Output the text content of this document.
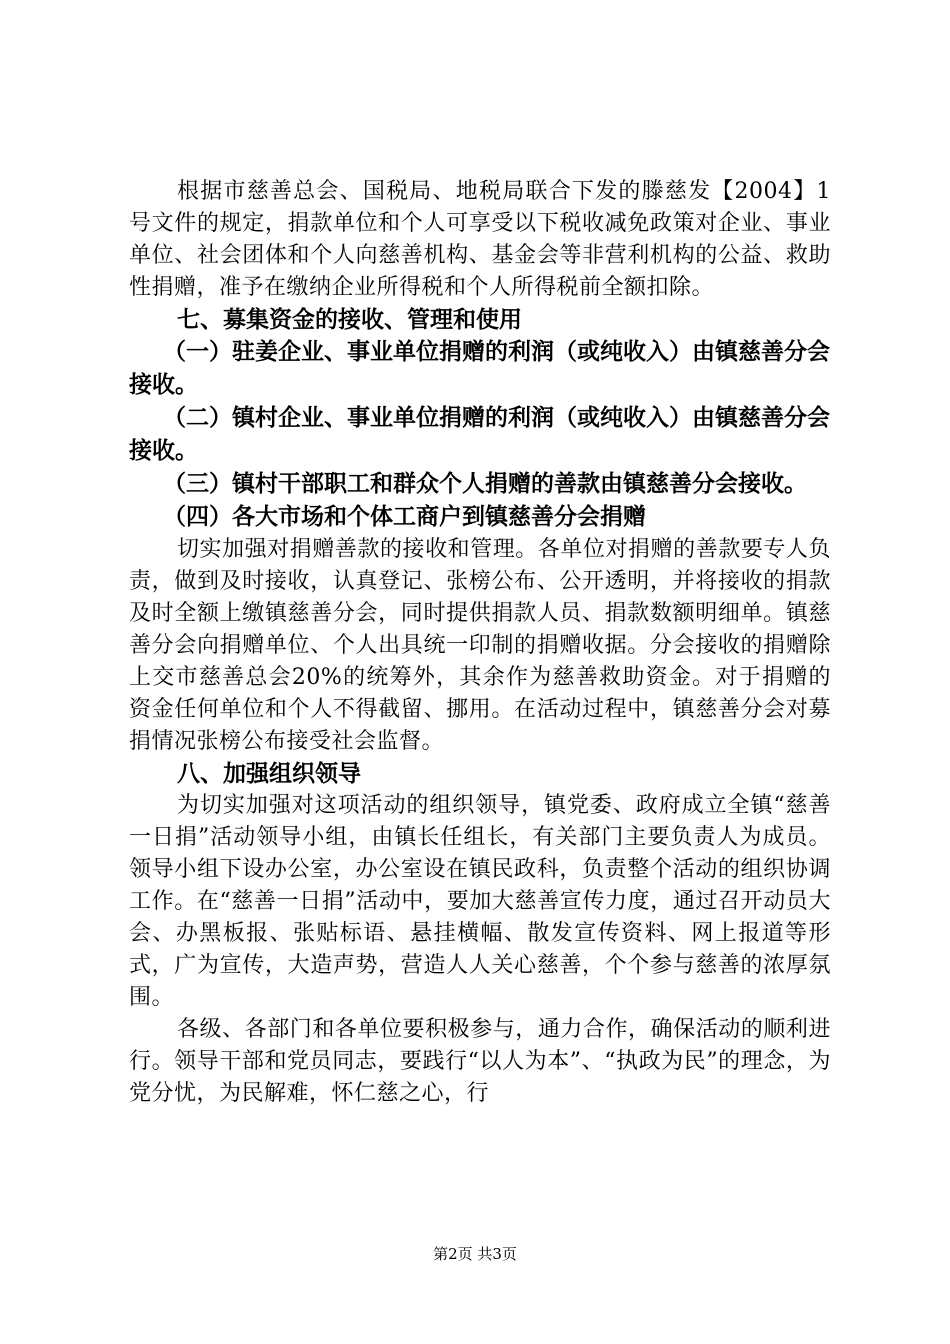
根据市慈善总会、国税局、地税局联合下发的滕慈发【2004】1号文件的规定，捐款单位和个人可享受以下税收减免政策对企业、事业单位、社会团体和个人向慈善机构、基金会等非营利机构的公益、救助性捐赠，准予在缴纳企业所得税和个人所得税前全额扣除。

七、募集资金的接收、管理和使用

（一）驻姜企业、事业单位捐赠的利润（或纯收入）由镇慈善分会接收。

（二）镇村企业、事业单位捐赠的利润（或纯收入）由镇慈善分会接收。

（三）镇村干部职工和群众个人捐赠的善款由镇慈善分会接收。

（四）各大市场和个体工商户到镇慈善分会捐赠

切实加强对捐赠善款的接收和管理。各单位对捐赠的善款要专人负责，做到及时接收，认真登记、张榜公布、公开透明，并将接收的捐款及时全额上缴镇慈善分会，同时提供捐款人员、捐款数额明细单。镇慈善分会向捐赠单位、个人出具统一印制的捐赠收据。分会接收的捐赠除上交市慈善总会20%的统筹外，其余作为慈善救助资金。对于捐赠的资金任何单位和个人不得截留、挪用。在活动过程中，镇慈善分会对募捐情况张榜公布接受社会监督。

八、加强组织领导

为切实加强对这项活动的组织领导，镇党委、政府成立全镇“慈善一日捐”活动领导小组，由镇长任组长，有关部门主要负责人为成员。领导小组下设办公室，办公室设在镇民政科，负责整个活动的组织协调工作。在“慈善一日捐”活动中，要加大慈善宣传力度，通过召开动员大会、办黑板报、张贴标语、悬挂横幅、散发宣传资料、网上报道等形式，广为宣传，大造声势，营造人人关心慈善，个个参与慈善的浓厚氛围。

各级、各部门和各单位要积极参与，通力合作，确保活动的顺利进行。领导干部和党员同志，要践行“以人为本”、“执政为民”的理念，为党分忧，为民解难，怀仁慈之心，行

第2页 共3页
